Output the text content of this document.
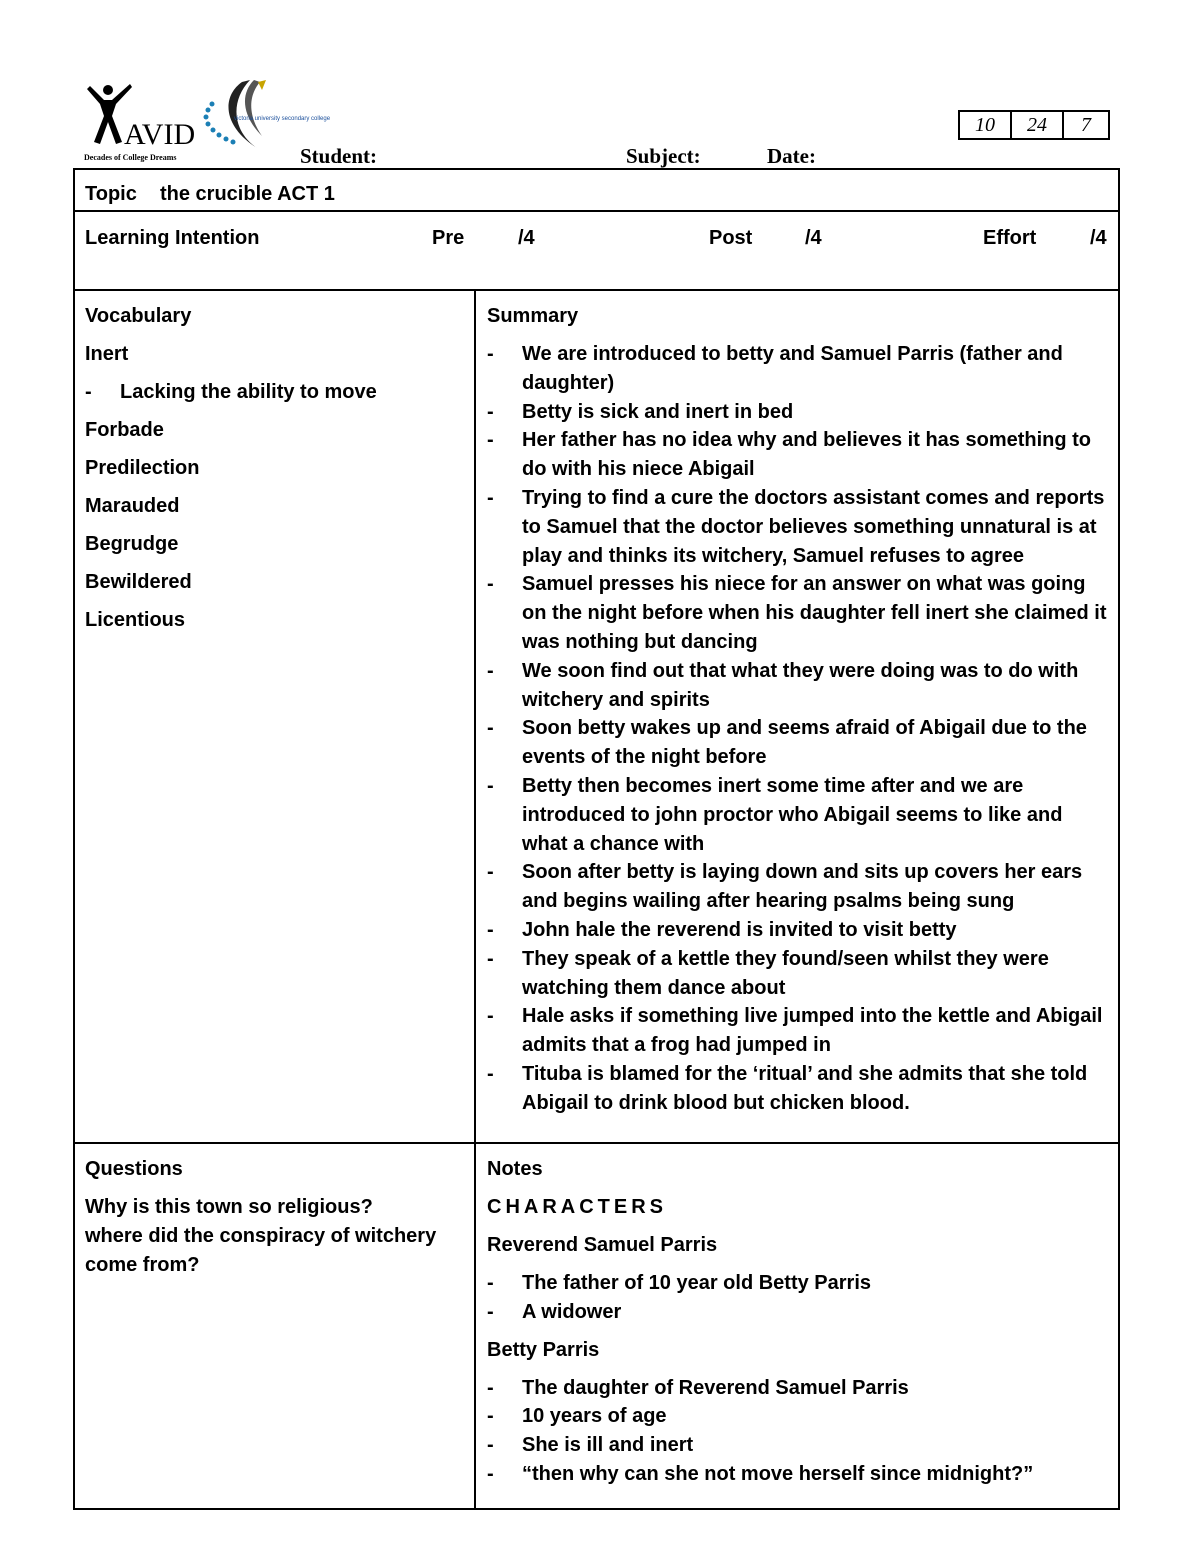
AVID
Decades of College Dreams
victoria university secondary college
Student:	Subject:	Date:
10	24	7
Topic the crucible ACT 1
Learning Intention	Pre	/4	Post	/4	Effort	/4
Vocabulary
Inert
- Lacking the ability to move
Forbade
Predilection
Marauded
Begrudge
Bewildered
Licentious
Summary
- We are introduced to betty and Samuel Parris (father and daughter)
- Betty is sick and inert in bed
- Her father has no idea why and believes it has something to do with his niece Abigail
- Trying to find a cure the doctors assistant comes and reports to Samuel that the doctor believes something unnatural is at play and thinks its witchery, Samuel refuses to agree
- Samuel presses his niece for an answer on what was going on the night before when his daughter fell inert she claimed it was nothing but dancing
- We soon find out that what they were doing was to do with witchery and spirits
- Soon betty wakes up and seems afraid of Abigail due to the events of the night before
- Betty then becomes inert some time after and we are introduced to john proctor who Abigail seems to like and what a chance with
- Soon after betty is laying down and sits up covers her ears and begins wailing after hearing psalms being sung
- John hale the reverend is invited to visit betty
- They speak of a kettle they found/seen whilst they were watching them dance about
- Hale asks if something live jumped into the kettle and Abigail admits that a frog had jumped in
- Tituba is blamed for the ‘ritual’ and she admits that she told Abigail to drink blood but chicken blood.
Questions
Why is this town so religious?
where did the conspiracy of witchery come from?
Notes
CHARACTERS
Reverend Samuel Parris
- The father of 10 year old Betty Parris
- A widower
Betty Parris
- The daughter of Reverend Samuel Parris
- 10 years of age
- She is ill and inert
- “then why can she not move herself since midnight?”
